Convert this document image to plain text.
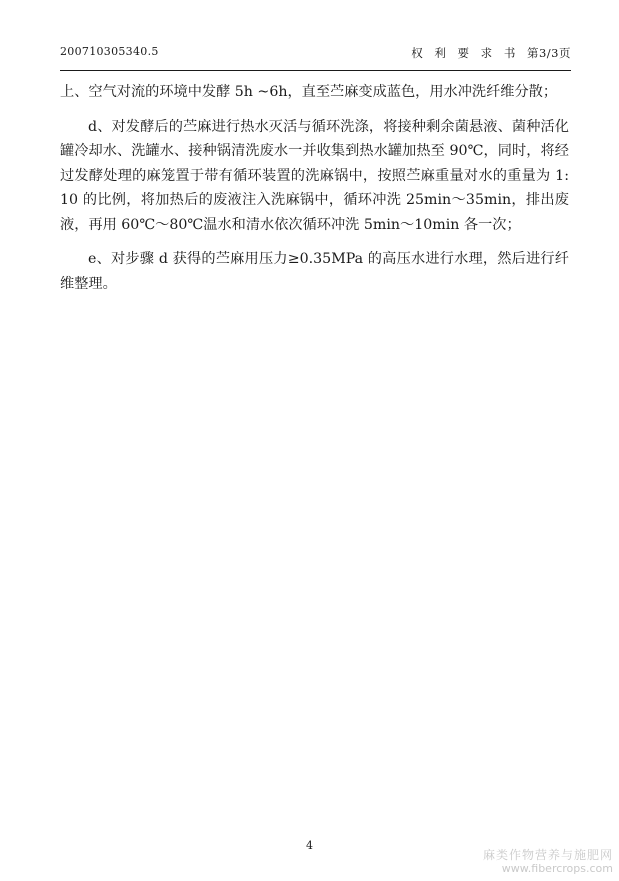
200710305340.5	权 利 要 求 书 第3/3页

上、空气对流的环境中发酵 5h ~6h，直至苎麻变成蓝色，用水冲洗纤维分散；

d、对发酵后的苎麻进行热水灭活与循环洗涤，将接种剩余菌悬液、菌种活化罐冷却水、洗罐水、接种锅清洗废水一并收集到热水罐加热至 90℃，同时，将经过发酵处理的麻笼置于带有循环装置的洗麻锅中，按照苎麻重量对水的重量为 1:10 的比例，将加热后的废液注入洗麻锅中，循环冲洗 25min～35min，排出废液，再用 60℃～80℃温水和清水依次循环冲洗 5min～10min 各一次；

e、对步骤 d 获得的苎麻用压力≥0.35MPa 的高压水进行水理，然后进行纤维整理。

4
麻类作物营养与施肥网
www.fibercrops.com
